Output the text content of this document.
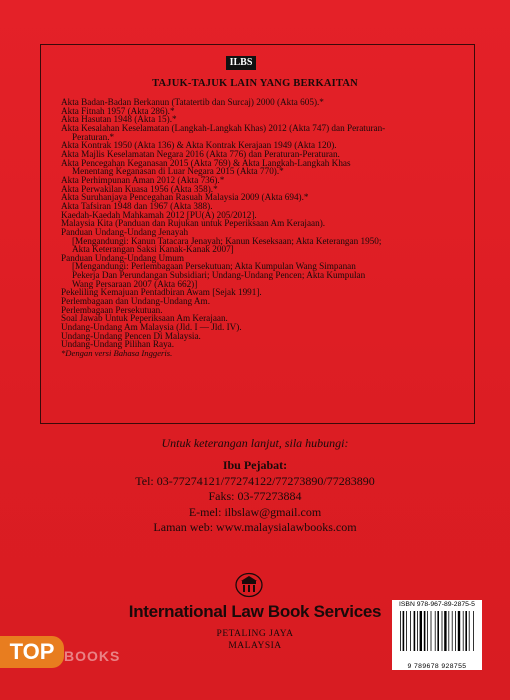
ILBS
TAJUK-TAJUK LAIN YANG BERKAITAN
Akta Badan-Badan Berkanun (Tatatertib dan Surcaj) 2000 (Akta 605).*
Akta Fitnah 1957 (Akta 286).*
Akta Hasutan 1948 (Akta 15).*
Akta Kesalahan Keselamatan (Langkah-Langkah Khas) 2012 (Akta 747) dan Peraturan-
Peraturan.*
Akta Kontrak 1950 (Akta 136) & Akta Kontrak Kerajaan 1949 (Akta 120).
Akta Majlis Keselamatan Negara 2016 (Akta 776) dan Peraturan-Peraturan.
Akta Pencegahan Keganasan 2015 (Akta 769) & Akta Langkah-Langkah Khas
Menentang Keganasan di Luar Negara 2015 (Akta 770).*
Akta Perhimpunan Aman 2012 (Akta 736).*
Akta Perwakilan Kuasa 1956 (Akta 358).*
Akta Suruhanjaya Pencegahan Rasuah Malaysia 2009 (Akta 694).*
Akta Tafsiran 1948 dan 1967 (Akta 388).
Kaedah-Kaedah Mahkamah 2012 [PU(A) 205/2012].
Malaysia Kita (Panduan dan Rujukan untuk Peperiksaan Am Kerajaan).
Panduan Undang-Undang Jenayah
[Mengandungi: Kanun Tatacara Jenayah; Kanun Keseksaan; Akta Keterangan 1950;
Akta Keterangan Saksi Kanak-Kanak 2007]
Panduan Undang-Undang Umum
[Mengandungi: Perlembagaan Persekutuan; Akta Kumpulan Wang Simpanan
Pekerja Dan Perundangan Subsidiari; Undang-Undang Pencen; Akta Kumpulan
Wang Persaraan 2007 (Akta 662)]
Pekeliling Kemajuan Pentadbiran Awam [Sejak 1991].
Perlembagaan dan Undang-Undang Am.
Perlembagaan Persekutuan.
Soal Jawab Untuk Peperiksaan Am Kerajaan.
Undang-Undang Am Malaysia (Jld. I — Jld. IV).
Undang-Undang Pencen Di Malaysia.
Undang-Undang Pilihan Raya.
*Dengan versi Bahasa Inggeris.
Untuk keterangan lanjut, sila hubungi:
Ibu Pejabat:
Tel: 03-77274121/77274122/77273890/77283890
Faks: 03-77273884
E-mel: ilbslaw@gmail.com
Laman web: www.malaysialawbooks.com
International Law Book Services
PETALING JAYA
MALAYSIA
ISBN 978-967-89-2875-5
9 789678 928755
TOP BOOKS
